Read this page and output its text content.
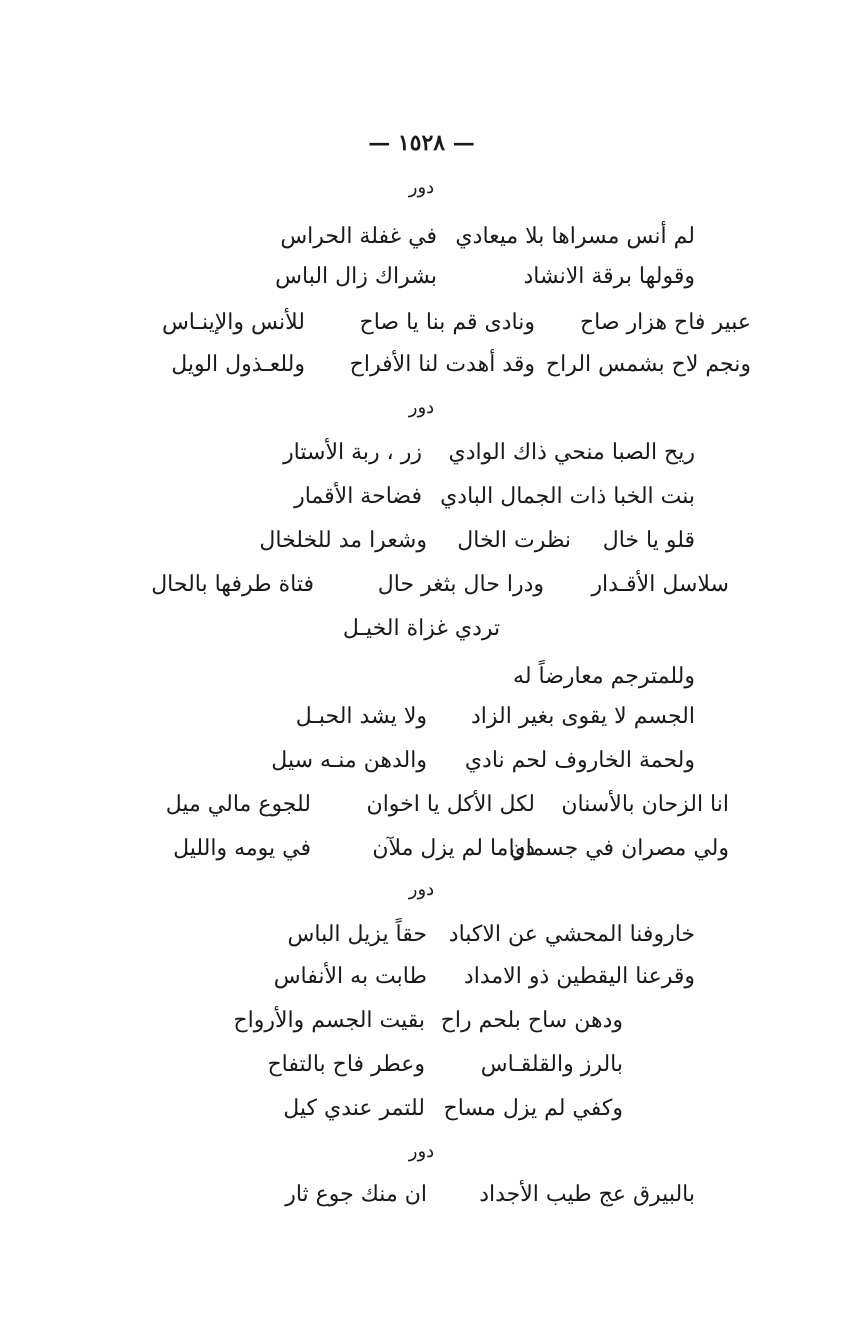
— ١٥٢٨ —
دور
لم أنس مسراها بلا ميعادي
في غفلة الحراس
وقولها برقة الانشاد
بشراك زال الباس
عبير فاح هزار صاح
ونادى قم بنا يا صاح
للأنس والإينـاس
ونجم لاح بشمس الراح
وقد أهدت لنا الأفراح
وللعـذول الويل
دور
ريح الصبا منحي ذاك الوادي
زر ، ربة الأستار
بنت الخبا ذات الجمال البادي
فضاحة الأقمار
قلو يا خال
نظرت الخال
وشعرا مد للخلخال
سلاسل الأقـدار
ودرا حال بثغر حال
فتاة طرفها بالحال
تردي غزاة الخيـل
وللمترجم معارضاً له
الجسم لا يقوى بغير الزاد
ولا يشد الحبـل
ولحمة الخاروف لحم نادي
والدهن منـه سيل
انا الزحان بالأسنان
لكل الأكل يا اخوان
للجوع مالي ميل
ولي مصران في جسمان
دواما لم يزل ملآن
في يومه والليل
دور
خاروفنا المحشي عن الاكباد
حقاً يزيل الباس
وقرعنا اليقطين ذو الامداد
طابت به الأنفاس
ودهن ساح بلحم راح
بقيت الجسم والأرواح
بالرز والقلقـاس
وعطر فاح بالتفاح
وكفي لم يزل مساح
للتمر عندي كيل
دور
بالبيرق عج طيب الأجداد
ان منك جوع ثار
